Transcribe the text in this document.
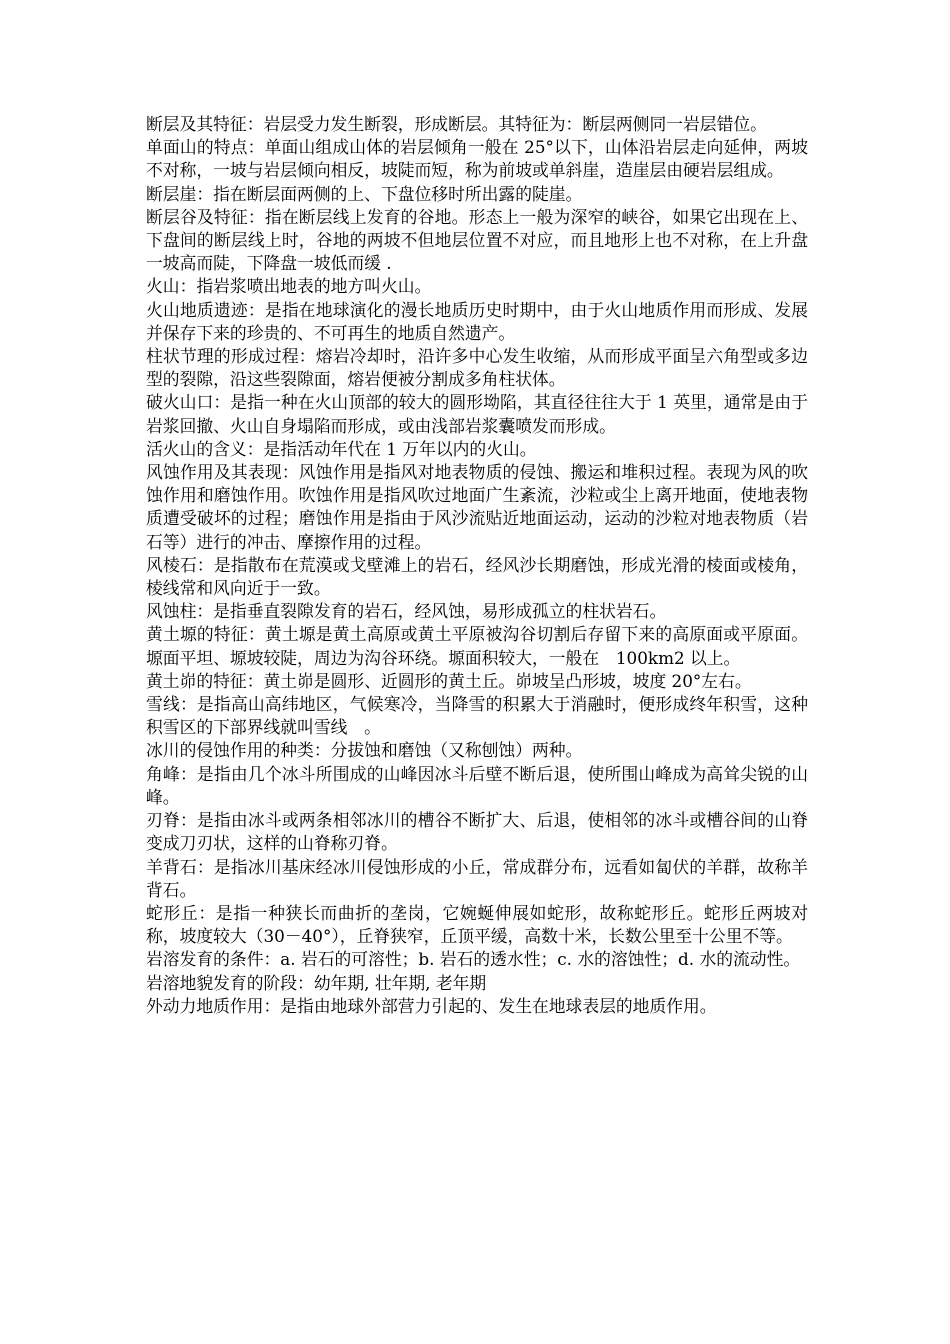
断层及其特征：岩层受力发生断裂，形成断层。其特征为：断层两侧同一岩层错位。

单面山的特点：单面山组成山体的岩层倾角一般在 25°以下，山体沿岩层走向延伸，两坡不对称，一坡与岩层倾向相反，坡陡而短，称为前坡或单斜崖，造崖层由硬岩层组成。

断层崖：指在断层面两侧的上、下盘位移时所出露的陡崖。

断层谷及特征：指在断层线上发育的谷地。形态上一般为深窄的峡谷，如果它出现在上、下盘间的断层线上时，谷地的两坡不但地层位置不对应，而且地形上也不对称，在上升盘一坡高而陡，下降盘一坡低而缓 .

火山：指岩浆喷出地表的地方叫火山。

火山地质遗迹：是指在地球演化的漫长地质历史时期中，由于火山地质作用而形成、发展并保存下来的珍贵的、不可再生的地质自然遗产。

柱状节理的形成过程：熔岩冷却时，沿许多中心发生收缩，从而形成平面呈六角型或多边型的裂隙，沿这些裂隙面，熔岩便被分割成多角柱状体。

破火山口：是指一种在火山顶部的较大的圆形坳陷，其直径往往大于 1 英里，通常是由于岩浆回撤、火山自身塌陷而形成，或由浅部岩浆囊喷发而形成。

活火山的含义：是指活动年代在 1 万年以内的火山。

风蚀作用及其表现：风蚀作用是指风对地表物质的侵蚀、搬运和堆积过程。表现为风的吹蚀作用和磨蚀作用。吹蚀作用是指风吹过地面广生紊流，沙粒或尘上离开地面，使地表物质遭受破坏的过程；磨蚀作用是指由于风沙流贴近地面运动，运动的沙粒对地表物质（岩石等）进行的冲击、摩擦作用的过程。

风棱石：是指散布在荒漠或戈壁滩上的岩石，经风沙长期磨蚀，形成光滑的棱面或棱角，棱线常和风向近于一致。

风蚀柱：是指垂直裂隙发育的岩石，经风蚀，易形成孤立的柱状岩石。

黄土塬的特征：黄土塬是黄土高原或黄土平原被沟谷切割后存留下来的高原面或平原面。塬面平坦、塬坡较陡，周边为沟谷环绕。塬面积较大，一般在　100km2 以上。

黄土峁的特征：黄土峁是圆形、近圆形的黄土丘。峁坡呈凸形坡，坡度 20°左右。

雪线：是指高山高纬地区，气候寒冷，当降雪的积累大于消融时，便形成终年积雪，这种积雪区的下部界线就叫雪线　。

冰川的侵蚀作用的种类：分拔蚀和磨蚀（又称刨蚀）两种。

角峰：是指由几个冰斗所围成的山峰因冰斗后壁不断后退，使所围山峰成为高耸尖锐的山峰。

刃脊：是指由冰斗或两条相邻冰川的槽谷不断扩大、后退，使相邻的冰斗或槽谷间的山脊变成刀刃状，这样的山脊称刃脊。

羊背石：是指冰川基床经冰川侵蚀形成的小丘，常成群分布，远看如匐伏的羊群，故称羊背石。

蛇形丘：是指一种狭长而曲折的垄岗，它婉蜒伸展如蛇形，故称蛇形丘。蛇形丘两坡对称，坡度较大（30－40°），丘脊狭窄，丘顶平缓，高数十米，长数公里至十公里不等。

岩溶发育的条件：a. 岩石的可溶性；b. 岩石的透水性；c. 水的溶蚀性；d. 水的流动性。

岩溶地貌发育的阶段：幼年期, 壮年期, 老年期

外动力地质作用：是指由地球外部营力引起的、发生在地球表层的地质作用。
